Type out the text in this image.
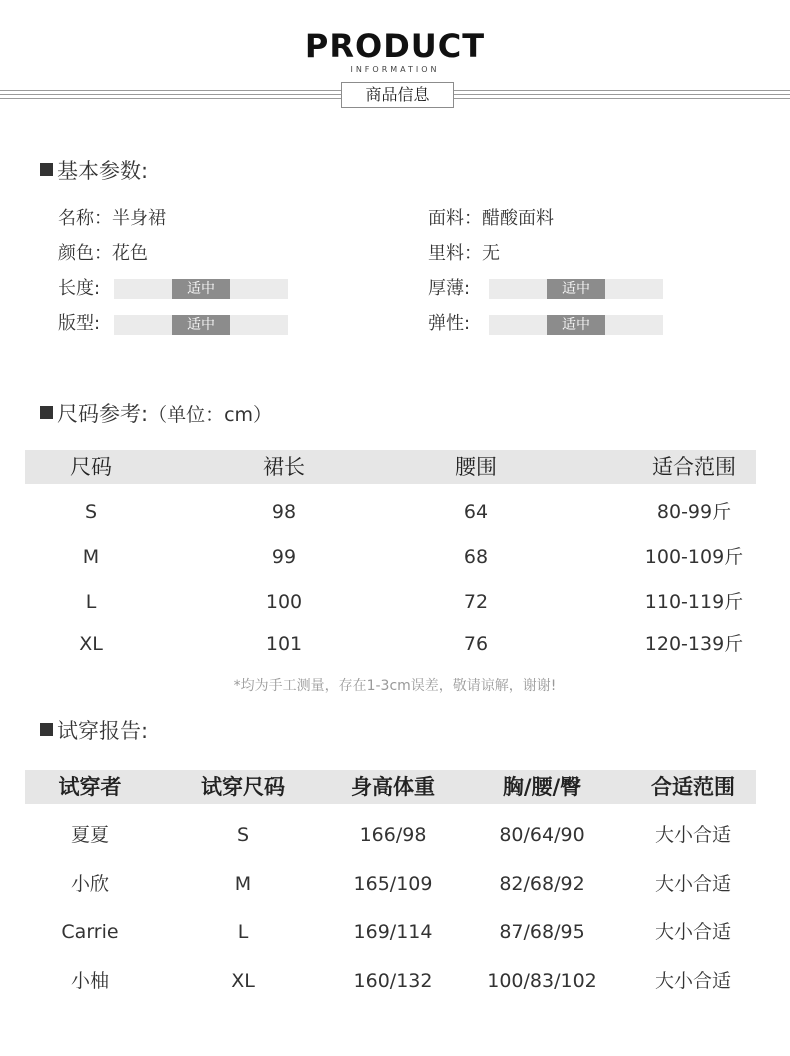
PRODUCT
INFORMATION
商品信息
基本参数:
名称：半身裙	面料：醋酸面料
颜色：花色	里料：无
长度:	适中	厚薄:	适中
版型:	适中	弹性:	适中
尺码参考:（单位：cm）
尺码	裙长	腰围	适合范围
S	98	64	80-99斤
M	99	68	100-109斤
L	100	72	110-119斤
XL	101	76	120-139斤
*均为手工测量，存在1-3cm误差，敬请谅解，谢谢!
试穿报告:
试穿者	试穿尺码	身高体重	胸/腰/臀	合适范围
夏夏	S	166/98	80/64/90	大小合适
小欣	M	165/109	82/68/92	大小合适
Carrie	L	169/114	87/68/95	大小合适
小柚	XL	160/132	100/83/102	大小合适
